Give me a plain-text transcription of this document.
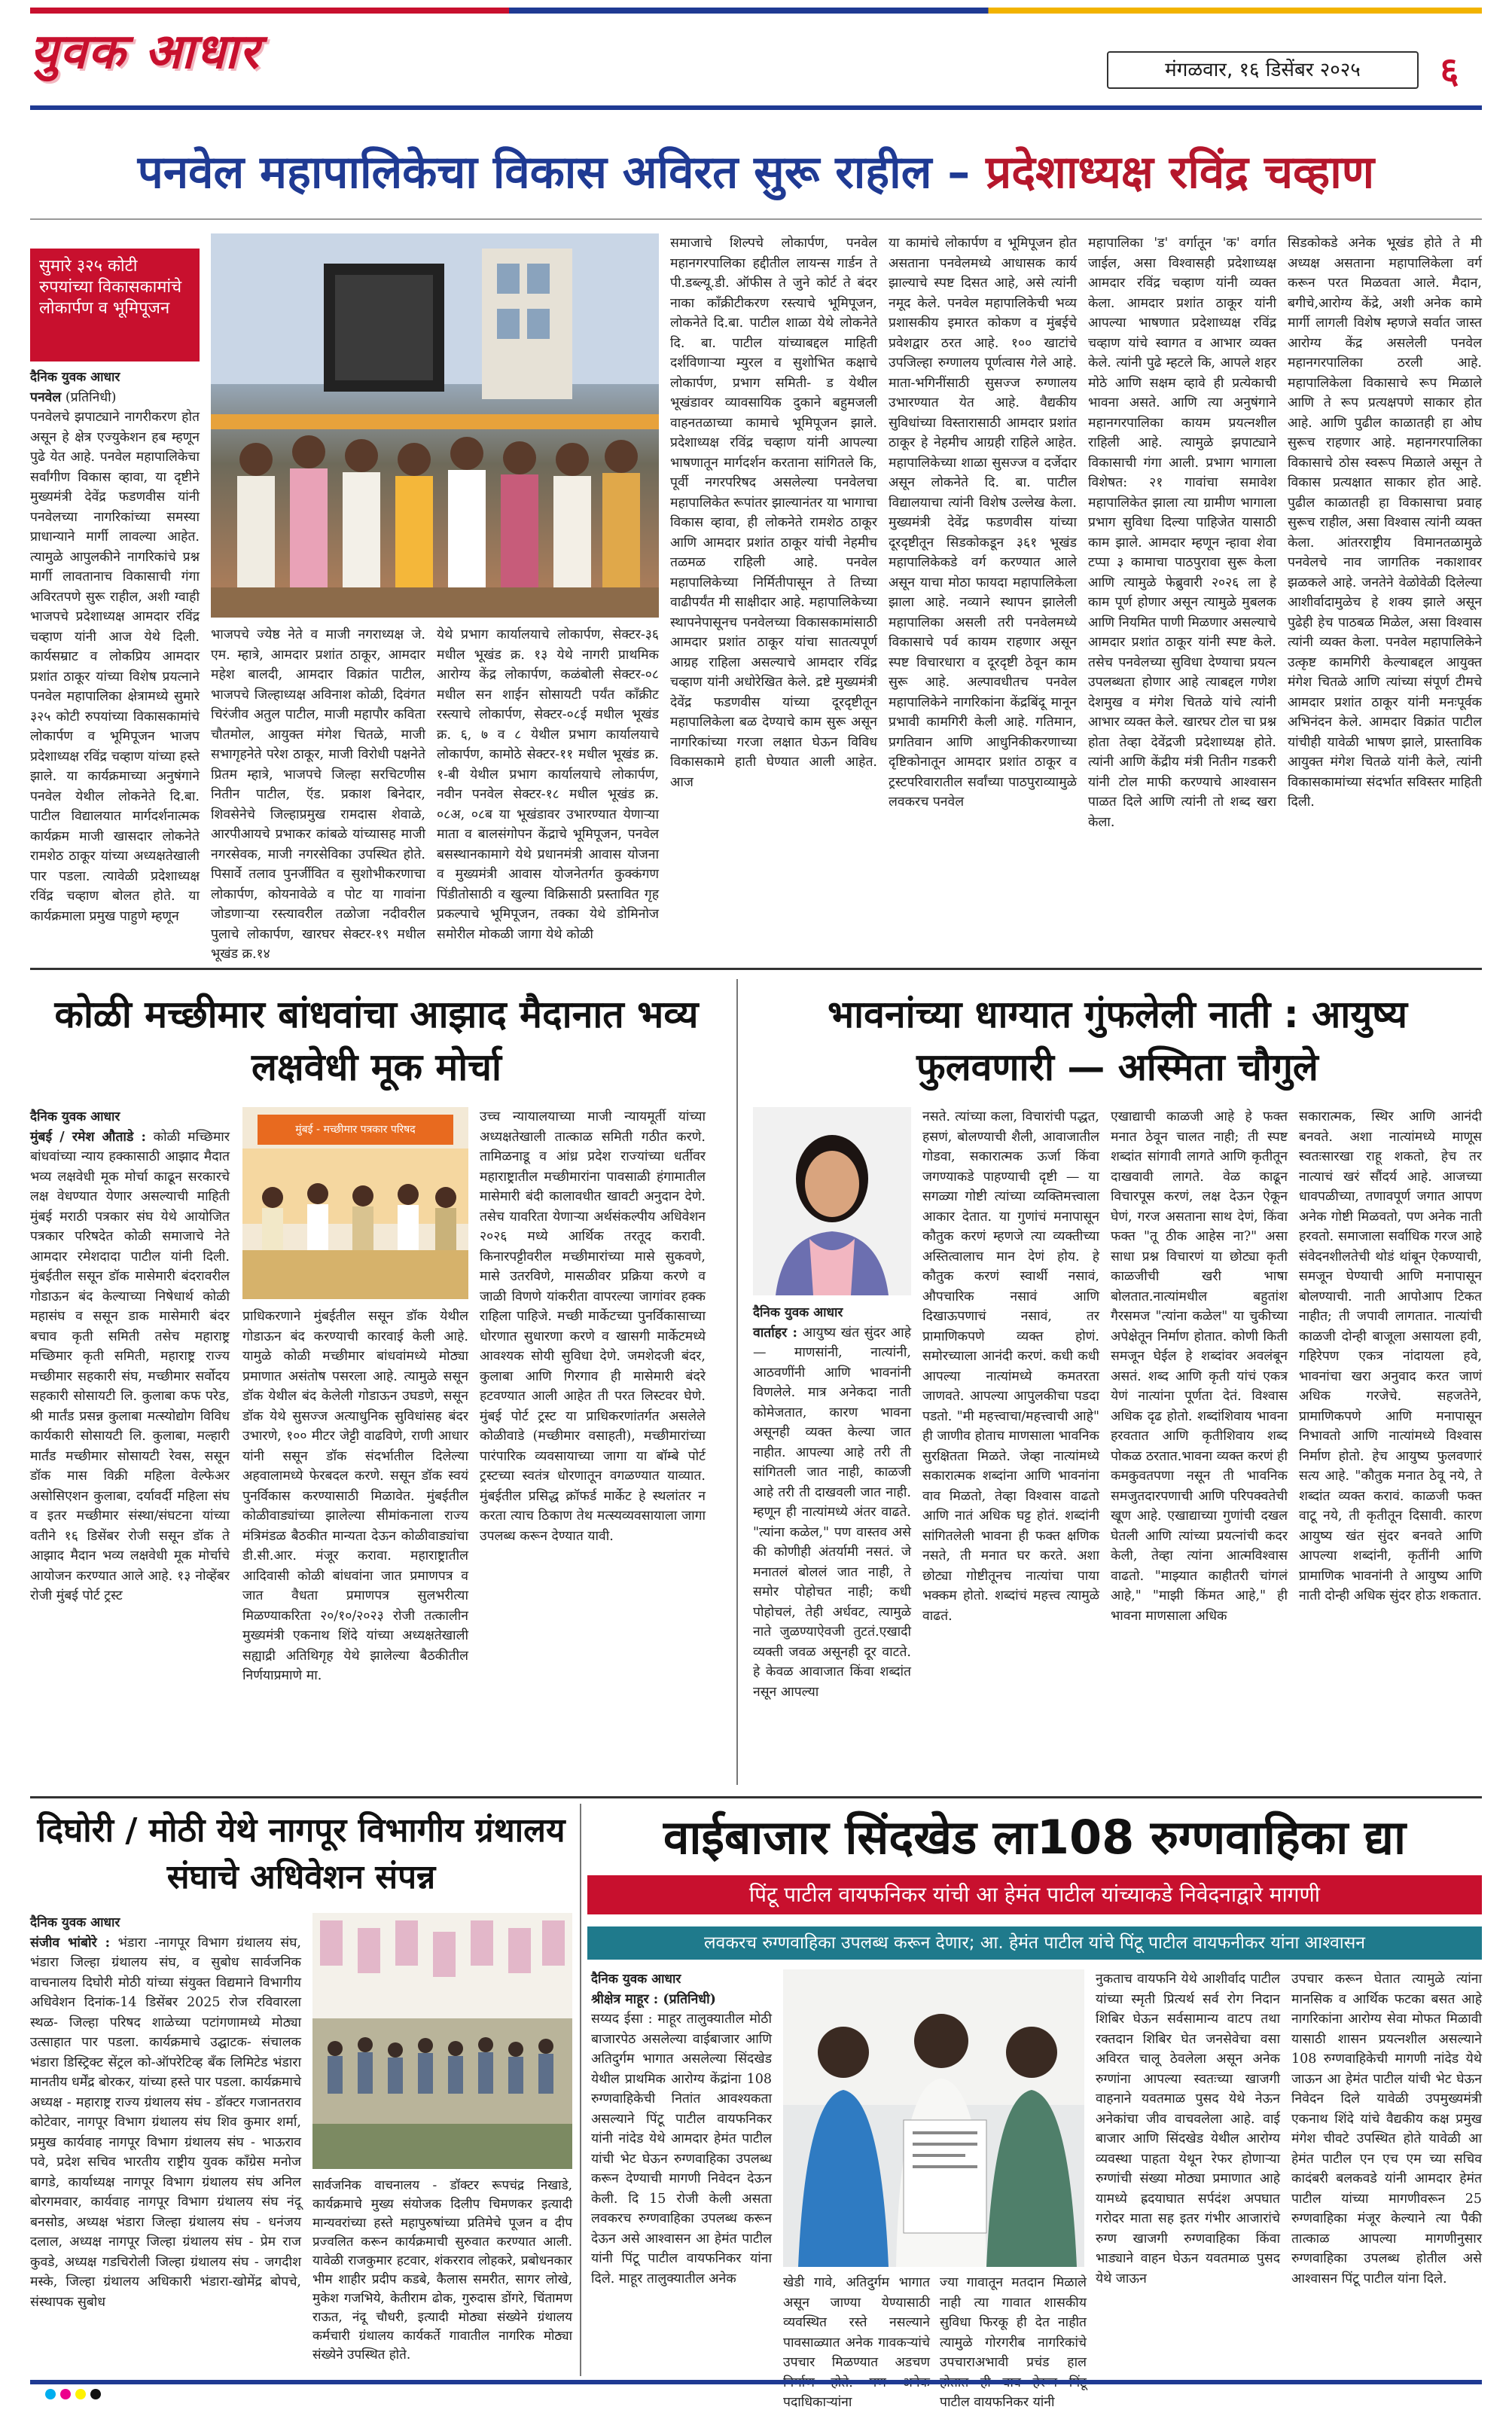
युवक आधार	मंगळवार, १६ डिसेंबर २०२५	६
पनवेल महापालिकेचा विकास अविरत सुरू राहील – प्रदेशाध्यक्ष रविंद्र चव्हाण
सुमारे ३२५ कोटी रुपयांच्या विकासकामांचे लोकार्पण व भूमिपूजन

दैनिक युवक आधार

पनवेल (प्रतिनिधी)

पनवेलचे झपाट्याने नागरीकरण होत असून हे क्षेत्र एज्युकेशन हब म्हणून पुढे येत आहे. पनवेल महापालिकेचा सर्वांगीण विकास व्हावा, या दृष्टीने मुख्यमंत्री देवेंद्र फडणवीस यांनी पनवेलच्या नागरिकांच्या समस्या प्राधान्याने मार्गी लावल्या आहेत. त्यामुळे आपुलकीने नागरिकांचे प्रश्न मार्गी लावतानाच विकासाची गंगा अविरतपणे सुरू राहील, अशी ग्वाही भाजपचे प्रदेशाध्यक्ष आमदार रविंद्र चव्हाण यांनी आज येथे दिली. कार्यसम्राट व लोकप्रिय आमदार प्रशांत ठाकूर यांच्या विशेष प्रयत्नाने पनवेल महापालिका क्षेत्रामध्ये सुमारे ३२५ कोटी रुपयांच्या विकासकामांचे लोकार्पण व भूमिपूजन भाजप प्रदेशाध्यक्ष रविंद्र चव्हाण यांच्या हस्ते झाले. या कार्यक्रमाच्या अनुषंगाने पनवेल येथील लोकनेते दि.बा. पाटील विद्यालयात मार्गदर्शनात्मक कार्यक्रम माजी खासदार लोकनेते रामशेठ ठाकूर यांच्या अध्यक्षतेखाली पार पडला. त्यावेळी प्रदेशाध्यक्ष रविंद्र चव्हाण बोलत होते. या कार्यक्रमाला प्रमुख पाहुणे म्हणून

भाजपचे ज्येष्ठ नेते व माजी नगराध्यक्ष जे. एम. म्हात्रे, आमदार प्रशांत ठाकूर, आमदार महेश बालदी, आमदार विक्रांत पाटील, भाजपचे जिल्हाध्यक्ष अविनाश कोळी, दिवंगत चिरंजीव अतुल पाटील, माजी महापौर कविता चौतमोल, आयुक्त मंगेश चितळे, माजी सभागृहनेते परेश ठाकूर, माजी विरोधी पक्षनेते प्रितम म्हात्रे, भाजपचे जिल्हा सरचिटणीस नितीन पाटील, ऍड. प्रकाश बिनेदार, शिवसेनेचे जिल्हाप्रमुख रामदास शेवाळे, आरपीआयचे प्रभाकर कांबळे यांच्यासह माजी नगरसेवक, माजी नगरसेविका उपस्थित होते. पिसार्वे तलाव पुनर्जीवित व सुशोभीकरणाचा लोकार्पण, कोयनावेळे व पोट या गावांना जोडणाऱ्या रस्त्यावरील तळोजा नदीवरील पुलाचे लोकार्पण, खारघर सेक्टर-१९ मधील भूखंड क्र.१४

येथे प्रभाग कार्यालयाचे लोकार्पण, सेक्टर-३६ मधील भूखंड क्र. १३ येथे नागरी प्राथमिक आरोग्य केंद्र लोकार्पण, कळंबोली सेक्टर-०८ मधील सन शाईन सोसायटी पर्यंत काँक्रीट रस्त्याचे लोकार्पण, सेक्टर-०८ई मधील भूखंड क्र. ६, ७ व ८ येथील प्रभाग कार्यालयाचे लोकार्पण, कामोठे सेक्टर-११ मधील भूखंड क्र. १-बी येथील प्रभाग कार्यालयाचे लोकार्पण, नवीन पनवेल सेक्टर-१८ मधील भूखंड क्र. ०८अ, ०८ब या भूखंडावर उभारण्यात येणाऱ्या माता व बालसंगोपन केंद्राचे भूमिपूजन, पनवेल बसस्थानकामागे येथे प्रधानमंत्री आवास योजना व मुख्यमंत्री आवास योजनेतर्गत कुक्कंगण पिंडीतोसाठी व खुल्या विक्रिसाठी प्रस्तावित गृह प्रकल्पाचे भूमिपूजन, तक्का येथे डोमिनोज समोरील मोकळी जागा येथे कोळी

समाजाचे शिल्पचे लोकार्पण, पनवेल महानगरपालिका हद्दीतील लायन्स गार्डन ते पी.डब्ल्यू.डी. ऑफीस ते जुने कोर्ट ते बंदर नाका काँक्रीटीकरण रस्त्याचे भूमिपूजन, लोकनेते दि.बा. पाटील शाळा येथे लोकनेते दि. बा. पाटील यांच्याबद्दल माहिती दर्शविणाऱ्या म्युरल व सुशोभित कक्षाचे लोकार्पण, प्रभाग समिती- ड येथील भूखंडावर व्यावसायिक दुकाने बहुमजली वाहनतळाच्या कामाचे भूमिपूजन झाले. प्रदेशाध्यक्ष रविंद्र चव्हाण यांनी आपल्या भाषणातून मार्गदर्शन करताना सांगितले कि, पूर्वी नगरपरिषद असलेल्या पनवेलचा महापालिकेत रूपांतर झाल्यानंतर या भागाचा विकास व्हावा, ही लोकनेते रामशेठ ठाकूर आणि आमदार प्रशांत ठाकूर यांची नेहमीच तळमळ राहिली आहे. पनवेल महापालिकेच्या निर्मितीपासून ते तिच्या वाढीपर्यंत मी साक्षीदार आहे. महापालिकेच्या स्थापनेपासूनच पनवेलच्या विकासकामांसाठी आमदार प्रशांत ठाकूर यांचा सातत्यपूर्ण आग्रह राहिला असल्याचे आमदार रविंद्र चव्हाण यांनी अधोरेखित केले. द्रष्टे मुख्यमंत्री देवेंद्र फडणवीस यांच्या दूरदृष्टीतून महापालिकेला बळ देण्याचे काम सुरू असून नागरिकांच्या गरजा लक्षात घेऊन विविध विकासकामे हाती घेण्यात आली आहेत. आज

या कामांचे लोकार्पण व भूमिपूजन होत असताना पनवेलमध्ये आधासक कार्य झाल्याचे स्पष्ट दिसत आहे, असे त्यांनी नमूद केले. पनवेल महापालिकेची भव्य प्रशासकीय इमारत कोकण व मुंबईचे प्रवेशद्वार ठरत आहे. १०० खाटांचे उपजिल्हा रुग्णालय पूर्णत्वास गेले आहे. माता-भगिनींसाठी सुसज्ज रुग्णालय उभारण्यात येत आहे. वैद्यकीय सुविधांच्या विस्तारासाठी आमदार प्रशांत ठाकूर हे नेहमीच आग्रही राहिले आहेत. महापालिकेच्या शाळा सुसज्ज व दर्जेदार असून लोकनेते दि. बा. पाटील विद्यालयाचा त्यांनी विशेष उल्लेख केला. मुख्यमंत्री देवेंद्र फडणवीस यांच्या दूरदृष्टीतून सिडकोकडून ३६१ भूखंड महापालिकेकडे वर्ग करण्यात आले असून याचा मोठा फायदा महापालिकेला झाला आहे. नव्याने स्थापन झालेली महापालिका असली तरी पनवेलमध्ये विकासाचे पर्व कायम राहणार असून स्पष्ट विचारधारा व दूरदृष्टी ठेवून काम सुरू आहे. अल्पावधीतच पनवेल महापालिकेने नागरिकांना केंद्रबिंदू मानून प्रभावी कामगिरी केली आहे. गतिमान, प्रगतिवान आणि आधुनिकीकरणाच्या दृष्टिकोनातून आमदार प्रशांत ठाकूर व ट्रस्टपरिवारातील सर्वांच्या पाठपुराव्यामुळे लवकरच पनवेल

महापालिका 'ड' वर्गातून 'क' वर्गात जाईल, असा विश्वासही प्रदेशाध्यक्ष आमदार रविंद्र चव्हाण यांनी व्यक्त केला. आमदार प्रशांत ठाकूर यांनी आपल्या भाषणात प्रदेशाध्यक्ष रविंद्र चव्हाण यांचे स्वागत व आभार व्यक्त केले. त्यांनी पुढे म्हटले कि, आपले शहर मोठे आणि सक्षम व्हावे ही प्रत्येकाची भावना असते. आणि त्या अनुषंगाने महानगरपालिका कायम प्रयत्नशील राहिली आहे. त्यामुळे झपाट्याने विकासाची गंगा आली. प्रभाग भागाला विशेषत: २१ गावांचा समावेश महापालिकेत झाला त्या ग्रामीण भागाला प्रभाग सुविधा दिल्या पाहिजेत यासाठी काम झाले. आमदार म्हणून न्हावा शेवा टप्पा ३ कामाचा पाठपुरावा सुरू केला आणि त्यामुळे फेब्रुवारी २०२६ ला हे काम पूर्ण होणार असून त्यामुळे मुबलक आणि नियमित पाणी मिळणार असल्याचे आमदार प्रशांत ठाकूर यांनी स्पष्ट केले. तसेच पनवेलच्या सुविधा देण्याचा प्रयत्न उपलब्धता होणार आहे त्याबद्दल गणेश देशमुख व मंगेश चितळे यांचे त्यांनी आभार व्यक्त केले. खारघर टोल चा प्रश्न होता तेव्हा देवेंद्रजी प्रदेशाध्यक्ष होते. त्यांनी आणि केंद्रीय मंत्री नितीन गडकरी यांनी टोल माफी करण्याचे आश्वासन पाळत दिले आणि त्यांनी तो शब्द खरा केला.

सिडकोकडे अनेक भूखंड होते ते मी अध्यक्ष असताना महापालिकेला वर्ग करून परत मिळवता आले. मैदान, बगीचे,आरोग्य केंद्रे, अशी अनेक कामे मार्गी लागली विशेष म्हणजे सर्वात जास्त आरोग्य केंद्र असलेली पनवेल महानगरपालिका ठरली आहे. महापालिकेला विकासाचे रूप मिळाले आणि ते रूप प्रत्यक्षपणे साकार होत आहे. आणि पुढील काळातही हा ओघ सुरूच राहणार आहे. महानगरपालिका विकासाचे ठोस स्वरूप मिळाले असून ते विकास प्रत्यक्षात साकार होत आहे. पुढील काळातही हा विकासाचा प्रवाह सुरूच राहील, असा विश्वास त्यांनी व्यक्त केला. आंतरराष्ट्रीय विमानतळामुळे पनवेलचे नाव जागतिक नकाशावर झळकले आहे. जनतेने वेळोवेळी दिलेल्या आशीर्वादामुळेच हे शक्य झाले असून पुढेही हेच पाठबळ मिळेल, असा विश्वास त्यांनी व्यक्त केला. पनवेल महापालिकेने उत्कृष्ट कामगिरी केल्याबद्दल आयुक्त मंगेश चितळे आणि त्यांच्या संपूर्ण टीमचे आमदार प्रशांत ठाकूर यांनी मनःपूर्वक अभिनंदन केले. आमदार विक्रांत पाटील यांचीही यावेळी भाषण झाले, प्रास्ताविक आयुक्त मंगेश चितळे यांनी केले, त्यांनी विकासकामांच्या संदर्भात सविस्तर माहिती दिली.

कोळी मच्छीमार बांधवांचा आझाद मैदानात भव्य लक्षवेधी मूक मोर्चा

दैनिक युवक आधार

मुंबई / रमेश औताडे : कोळी मच्छिमार बांधवांच्या न्याय हक्कासाठी आझाद मैदात भव्य लक्षवेधी मूक मोर्चा काढून सरकारचे लक्ष वेधण्यात येणार असल्याची माहिती मुंबई मराठी पत्रकार संघ येथे आयोजित पत्रकार परिषदेत कोळी समाजाचे नेते आमदार रमेशदादा पाटील यांनी दिली. मुंबईतील ससून डॉक मासेमारी बंदरावरील गोडाऊन बंद केल्याच्या निषेधार्थ कोळी महासंघ व ससून डाक मासेमारी बंदर बचाव कृती समिती तसेच महाराष्ट्र मच्छिमार कृती समिती, महाराष्ट्र राज्य मच्छीमार सहकारी संघ, मच्छीमार सर्वोदय सहकारी सोसायटी लि. कुलाबा कफ परेड, श्री मार्तंड प्रसन्न कुलाबा मत्स्योद्योग विविध कार्यकारी सोसायटी लि. कुलाबा, मल्हारी मार्तंड मच्छीमार सोसायटी रेवस, ससून डॉक मास विक्री महिला वेल्फेअर असोसिएशन कुलाबा, दर्यावर्दी महिला संघ व इतर मच्छीमार संस्था/संघटना यांच्या वतीने १६ डिसेंबर रोजी ससून डॉक ते आझाद मैदान भव्य लक्षवेधी मूक मोर्चाचे आयोजन करण्यात आले आहे. १३ नोव्हेंबर रोजी मुंबई पोर्ट ट्रस्ट

मुंबई - मच्छीमार पत्रकार परिषद

प्राधिकरणाने मुंबईतील ससून डॉक येथील गोडाऊन बंद करण्याची कारवाई केली आहे. यामुळे कोळी मच्छीमार बांधवांमध्ये मोठ्या प्रमाणात असंतोष पसरला आहे. त्यामुळे ससून डॉक येथील बंद केलेली गोडाऊन उघडणे, ससून डॉक येथे सुसज्ज अत्याधुनिक सुविधांसह बंदर उभारणे, १०० मीटर जेट्टी वाढविणे, राणी आधार यांनी ससून डॉक संदर्भातील दिलेल्या अहवालामध्ये फेरबदल करणे. ससून डॉक स्वयं पुनर्विकास करण्यासाठी मिळावेत. मुंबईतील कोळीवाड्यांच्या झालेल्या सीमांकनाला राज्य मंत्रिमंडळ बैठकीत मान्यता देऊन कोळीवाड्यांचा डी.सी.आर. मंजूर करावा. महाराष्ट्रातील आदिवासी कोळी बांधवांना जात प्रमाणपत्र व जात वैधता प्रमाणपत्र सुलभरीत्या मिळण्याकरिता २०/१०/२०२३ रोजी तत्कालीन मुख्यमंत्री एकनाथ शिंदे यांच्या अध्यक्षतेखाली सह्याद्री अतिथिगृह येथे झालेल्या बैठकीतील निर्णयाप्रमाणे मा.

उच्च न्यायालयाच्या माजी न्यायमूर्ती यांच्या अध्यक्षतेखाली तात्काळ समिती गठीत करणे. तामिळनाडू व आंध्र प्रदेश राज्यांच्या धर्तीवर महाराष्ट्रातील मच्छीमारांना पावसाळी हंगामातील मासेमारी बंदी कालावधीत खावटी अनुदान देणे. तसेच यावरिता येणाऱ्या अर्थसंकल्पीय अधिवेशन २०२६ मध्ये आर्थिक तरतूद करावी. किनारपट्टीवरील मच्छीमारांच्या मासे सुकवणे, मासे उतरविणे, मासळीवर प्रक्रिया करणे व जाळी विणणे यांकरीता वापरल्या जागांवर हक्क राहिला पाहिजे. मच्छी मार्केटच्या पुनर्विकासाच्या धोरणात सुधारणा करणे व खासगी मार्केटमध्ये आवश्यक सोयी सुविधा देणे. जमशेदजी बंदर, कुलाबा आणि गिरगाव ही मासेमारी बंदरे हटवण्यात आली आहेत ती परत लिस्टवर घेणे. मुंबई पोर्ट ट्रस्ट या प्राधिकरणांतर्गत असलेले कोळीवाडे (मच्छीमार वसाहती), मच्छीमारांच्या पारंपारिक व्यवसायाच्या जागा या बॉम्बे पोर्ट ट्रस्टच्या स्वतंत्र धोरणातून वगळण्यात याव्यात. मुंबईतील प्रसिद्ध क्रॉफर्ड मार्केट हे स्थलांतर न करता त्याच ठिकाण तेथ मत्स्यव्यवसायाला जागा उपलब्ध करून देण्यात यावी.

भावनांच्या धाग्यात गुंफलेली नाती : आयुष्य फुलवणारी — अस्मिता चौगुले

दैनिक युवक आधार

वार्ताहर : आयुष्य खंत सुंदर आहे — माणसांनी, नात्यांनी, आठवणींनी आणि भावनांनी विणलेले. मात्र अनेकदा नाती कोमेजतात, कारण भावना असूनही व्यक्त केल्या जात नाहीत. आपल्या आहे तरी ती सांगितली जात नाही, काळजी आहे तरी ती दाखवली जात नाही. म्हणून ही नात्यांमध्ये अंतर वाढते. "त्यांना कळेल," पण वास्तव असे की कोणीही अंतर्यामी नसतं. जे मनातलं बोललं जात नाही, ते समोर पोहोचत नाही; कधी पोहोचलं, तेही अर्धवट, त्यामुळे नाते जुळण्याऐवजी तुटतं.एखादी व्यक्ती जवळ असूनही दूर वाटते. हे केवळ आवाजात किंवा शब्दांत नसून आपल्या

नसते. त्यांच्या कला, विचारांची पद्धत, हसणं, बोलण्याची शैली, आवाजातील गोडवा, सकारात्मक ऊर्जा किंवा जगण्याकडे पाहण्याची दृष्टी — या सगळ्या गोष्टी त्यांच्या व्यक्तिमत्त्वाला आकार देतात. या गुणांचं मनापासून कौतुक करणं म्हणजे त्या व्यक्तीच्या अस्तित्वालाच मान देणं होय. हे कौतुक करणं स्वार्थी नसावं, औपचारिक नसावं आणि दिखाऊपणाचं नसावं, तर प्रामाणिकपणे व्यक्त होणं. समोरच्याला आनंदी करणं. कधी कधी आपल्या नात्यांमध्ये कमतरता जाणवते. आपल्या आपुलकीचा पडदा पडतो. "मी महत्त्वाचा/महत्त्वाची आहे" ही जाणीव होताच माणसाला भावनिक सुरक्षितता मिळते. जेव्हा नात्यांमध्ये सकारात्मक शब्दांना आणि भावनांना वाव मिळतो, तेव्हा विश्वास वाढतो आणि नातं अधिक घट्ट होतं. शब्दांनी सांगितलेली भावना ही फक्त क्षणिक नसते, ती मनात घर करते. अशा छोट्या गोष्टीतूनच नात्यांचा पाया भक्कम होतो. शब्दांचं महत्त्व त्यामुळे वाढतं.

एखाद्याची काळजी आहे हे फक्त मनात ठेवून चालत नाही; ती स्पष्ट शब्दांत सांगावी लागते आणि कृतीतून दाखवावी लागते. वेळ काढून विचारपूस करणं, लक्ष देऊन ऐकून घेणं, गरज असताना साथ देणं, किंवा फक्त "तू ठीक आहेस ना?" असा साधा प्रश्न विचारणं या छोट्या कृती काळजीची खरी भाषा बोलतात.नात्यांमधील बहुतांश गैरसमज "त्यांना कळेल" या चुकीच्या अपेक्षेतून निर्माण होतात. कोणी किती समजून घेईल हे शब्दांवर अवलंबून असतं. शब्द आणि कृती यांचं एकत्र येणं नात्यांना पूर्णता देतं. विश्वास अधिक दृढ होतो. शब्दांशिवाय भावना हरवतात आणि कृतीशिवाय शब्द पोकळ ठरतात.भावना व्यक्त करणं ही कमकुवतपणा नसून ती भावनिक समजुतदारपणाची आणि परिपक्वतेची खूण आहे. एखाद्याच्या गुणांची दखल घेतली आणि त्यांच्या प्रयत्नांची कदर केली, तेव्हा त्यांना आत्मविश्वास वाढतो. "माझ्यात काहीतरी चांगलं आहे," "माझी किंमत आहे," ही भावना माणसाला अधिक

सकारात्मक, स्थिर आणि आनंदी बनवते. अशा नात्यांमध्ये माणूस स्वतःसारखा राहू शकतो, हेच तर नात्याचं खरं सौंदर्य आहे. आजच्या धावपळीच्या, तणावपूर्ण जगात आपण अनेक गोष्टी मिळवतो, पण अनेक नाती हरवतो. समाजाला सर्वाधिक गरज आहे संवेदनशीलतेची थोडं थांबून ऐकण्याची, समजून घेण्याची आणि मनापासून बोलण्याची. नाती आपोआप टिकत नाहीत; ती जपावी लागतात. नात्यांची काळजी दोन्ही बाजूला असायला हवी, गहिरेपण एकत्र नांदायला हवे, भावनांचा खरा अनुवाद करत जाणं अधिक गरजेचे. सहजतेने, प्रामाणिकपणे आणि मनापासून निभावतो आणि नात्यांमध्ये विश्वास निर्माण होतो. हेच आयुष्य फुलवणारं सत्य आहे. "कौतुक मनात ठेवू नये, ते शब्दांत व्यक्त करावं. काळजी फक्त वाटू नये, ती कृतीतून दिसावी. कारण आयुष्य खंत सुंदर बनवते आणि आपल्या शब्दांनी, कृतींनी आणि प्रामाणिक भावनांनी ते आयुष्य आणि नाती दोन्ही अधिक सुंदर होऊ शकतात.

दिघोरी / मोठी येथे नागपूर विभागीय ग्रंथालय संघाचे अधिवेशन संपन्न

दैनिक युवक आधार

संजीव भांबोरे : भंडारा -नागपूर विभाग ग्रंथालय संघ, भंडारा जिल्हा ग्रंथालय संघ, व सुबोध सार्वजनिक वाचनालय दिघोरी मोठी यांच्या संयुक्त विद्यमाने विभागीय अधिवेशन दिनांक-14 डिसेंबर 2025 रोज रविवारला स्थळ- जिल्हा परिषद शाळेच्या पटांगणामध्ये मोठ्या उत्साहात पार पडला. कार्यक्रमाचे उद्घाटक- संचालक भंडारा डिस्ट्रिक्ट सेंट्रल को-ऑपरेटिव्ह बँक लिमिटेड भंडारा मानतीय धर्मेंद्र बोरकर, यांच्या हस्ते पार पडला. कार्यक्रमाचे अध्यक्ष - महाराष्ट्र राज्य ग्रंथालय संघ - डॉक्टर गजानतराव कोटेवार, नागपूर विभाग ग्रंथालय संघ शिव कुमार शर्मा, प्रमुख कार्यवाह नागपूर विभाग ग्रंथालय संघ - भाऊराव पवे, प्रदेश सचिव भारतीय राष्ट्रीय युवक काँग्रेस मनोज बागडे, कार्याध्यक्ष नागपूर विभाग ग्रंथालय संघ अनिल बोरगमवार, कार्यवाह नागपूर विभाग ग्रंथालय संघ नंदू बनसोड, अध्यक्ष भंडारा जिल्हा ग्रंथालय संघ - धनंजय दलाल, अध्यक्ष नागपूर जिल्हा ग्रंथालय संघ - प्रेम राज कुवडे, अध्यक्ष गडचिरोली जिल्हा ग्रंथालय संघ - जगदीश मस्के, जिल्हा ग्रंथालय अधिकारी भंडारा-खोमेंद्र बोपचे, संस्थापक सुबोध

सार्वजनिक वाचनालय - डॉक्टर रूपचंद्र निखाडे, कार्यक्रमाचे मुख्य संयोजक दिलीप चिमणकर इत्यादी मान्यवरांच्या हस्ते महापुरुषांच्या प्रतिमेचे पूजन व दीप प्रज्वलित करून कार्यक्रमाची सुरुवात करण्यात आली. यावेळी राजकुमार हटवार, शंकरराव लोहकरे, प्रबोधनकार भीम शाहीर प्रदीप कडबे, कैलास समरीत, सागर लोखे, मुकेश गजभिये, केतीराम ढोक, गुरुदास डोंगरे, चिंतामण राऊत, नंदू चौधरी, इत्यादी मोठ्या संख्येने ग्रंथालय कर्मचारी ग्रंथालय कार्यकर्ते गावातील नागरिक मोठ्या संख्येने उपस्थित होते.
वाईबाजार सिंदखेड ला108 रुग्णवाहिका द्या
पिंटू पाटील वायफनिकर यांची आ हेमंत पाटील यांच्याकडे निवेदनाद्वारे मागणी
लवकरच रुग्णवाहिका उपलब्ध करून देणार; आ. हेमंत पाटील यांचे पिंटू पाटील वायफनीकर यांना आश्वासन

दैनिक युवक आधार

श्रीक्षेत्र माहूर : (प्रतिनिधी)

सय्यद ईसा : माहूर तालुक्यातील मोठी बाजारपेठ असलेल्या वाईबाजार आणि अतिदुर्गम भागात असलेल्या सिंदखेड येथील प्राथमिक आरोग्य केंद्रांना 108 रुग्णवाहिकेची नितांत आवश्यकता असल्याने पिंटू पाटील वायफनिकर यांनी नांदेड येथे आमदार हेमंत पाटील यांची भेट घेऊन रुग्णवाहिका उपलब्ध करून देण्याची मागणी निवेदन देऊन केली. दि 15 रोजी केली असता लवकरच रुग्णवाहिका उपलब्ध करून देऊन असे आश्वासन आ हेमंत पाटील यांनी पिंटू पाटील वायफनिकर यांना दिले. माहूर तालुक्यातील अनेक	खेडी गावे, अतिदुर्गम भागात असून जाण्या येण्यासाठी व्यवस्थित रस्ते नसल्याने पावसाळ्यात अनेक गावकऱ्यांचे उपचार मिळण्यात अडचण पदाधिकाऱ्यांना

ज्या गावातून मतदान मिळाले नाही त्या गावात शासकीय सुविधा फिरकू ही देत नाहीत त्यामुळे गोरगरीब नागरिकांचे उपचाराअभावी प्रचंड हाल पाटील वायफनिकर यांनी

नुकताच वायफनि येथे आशीर्वाद पाटील यांच्या स्मृती प्रित्यर्थ सर्व रोग निदान शिबिर घेऊन सर्वसामान्य वाटप तथा रक्तदान शिबिर घेत जनसेवेचा वसा अविरत चालू ठेवलेला असून अनेक रुग्णांना आपल्या स्वतःच्या खाजगी वाहनाने यवतमाळ पुसद येथे नेऊन अनेकांचा जीव वाचवलेला आहे. वाई बाजार आणि सिंदखेड येथील आरोग्य व्यवस्था पाहता येथून रेफर होणाऱ्या रुग्णांची संख्या मोठ्या प्रमाणात आहे यामध्ये ह्रदयाघात सर्पदंश अपघात गरोदर माता सह इतर गंभीर आजारांचे रुग्ण खाजगी रुग्णवाहिका किंवा भाड्याने वाहन घेऊन यवतमाळ पुसद येथे जाऊन

उपचार करून घेतात त्यामुळे त्यांना मानसिक व आर्थिक फटका बसत आहे नागरिकांना आरोग्य सेवा मोफत मिळावी यासाठी शासन प्रयत्नशील असल्याने 108 रुग्णवाहिकेची मागणी नांदेड येथे जाऊन आ हेमंत पाटील यांची भेट घेऊन निवेदन दिले यावेळी उपमुख्यमंत्री एकनाथ शिंदे यांचे वैद्यकीय कक्ष प्रमुख मंगेश चीवटे उपस्थित होते यावेळी आ हेमंत पाटील एन एच एम च्या सचिव कादंबरी बलकवडे यांनी आमदार हेमंत पाटील यांच्या मागणीवरून 25 रुग्णवाहिका मंजूर केल्याने त्या पैकी तात्काळ आपल्या मागणीनुसार रुग्णवाहिका उपलब्ध होतील असे आश्वासन पिंटू पाटील यांना दिले.
